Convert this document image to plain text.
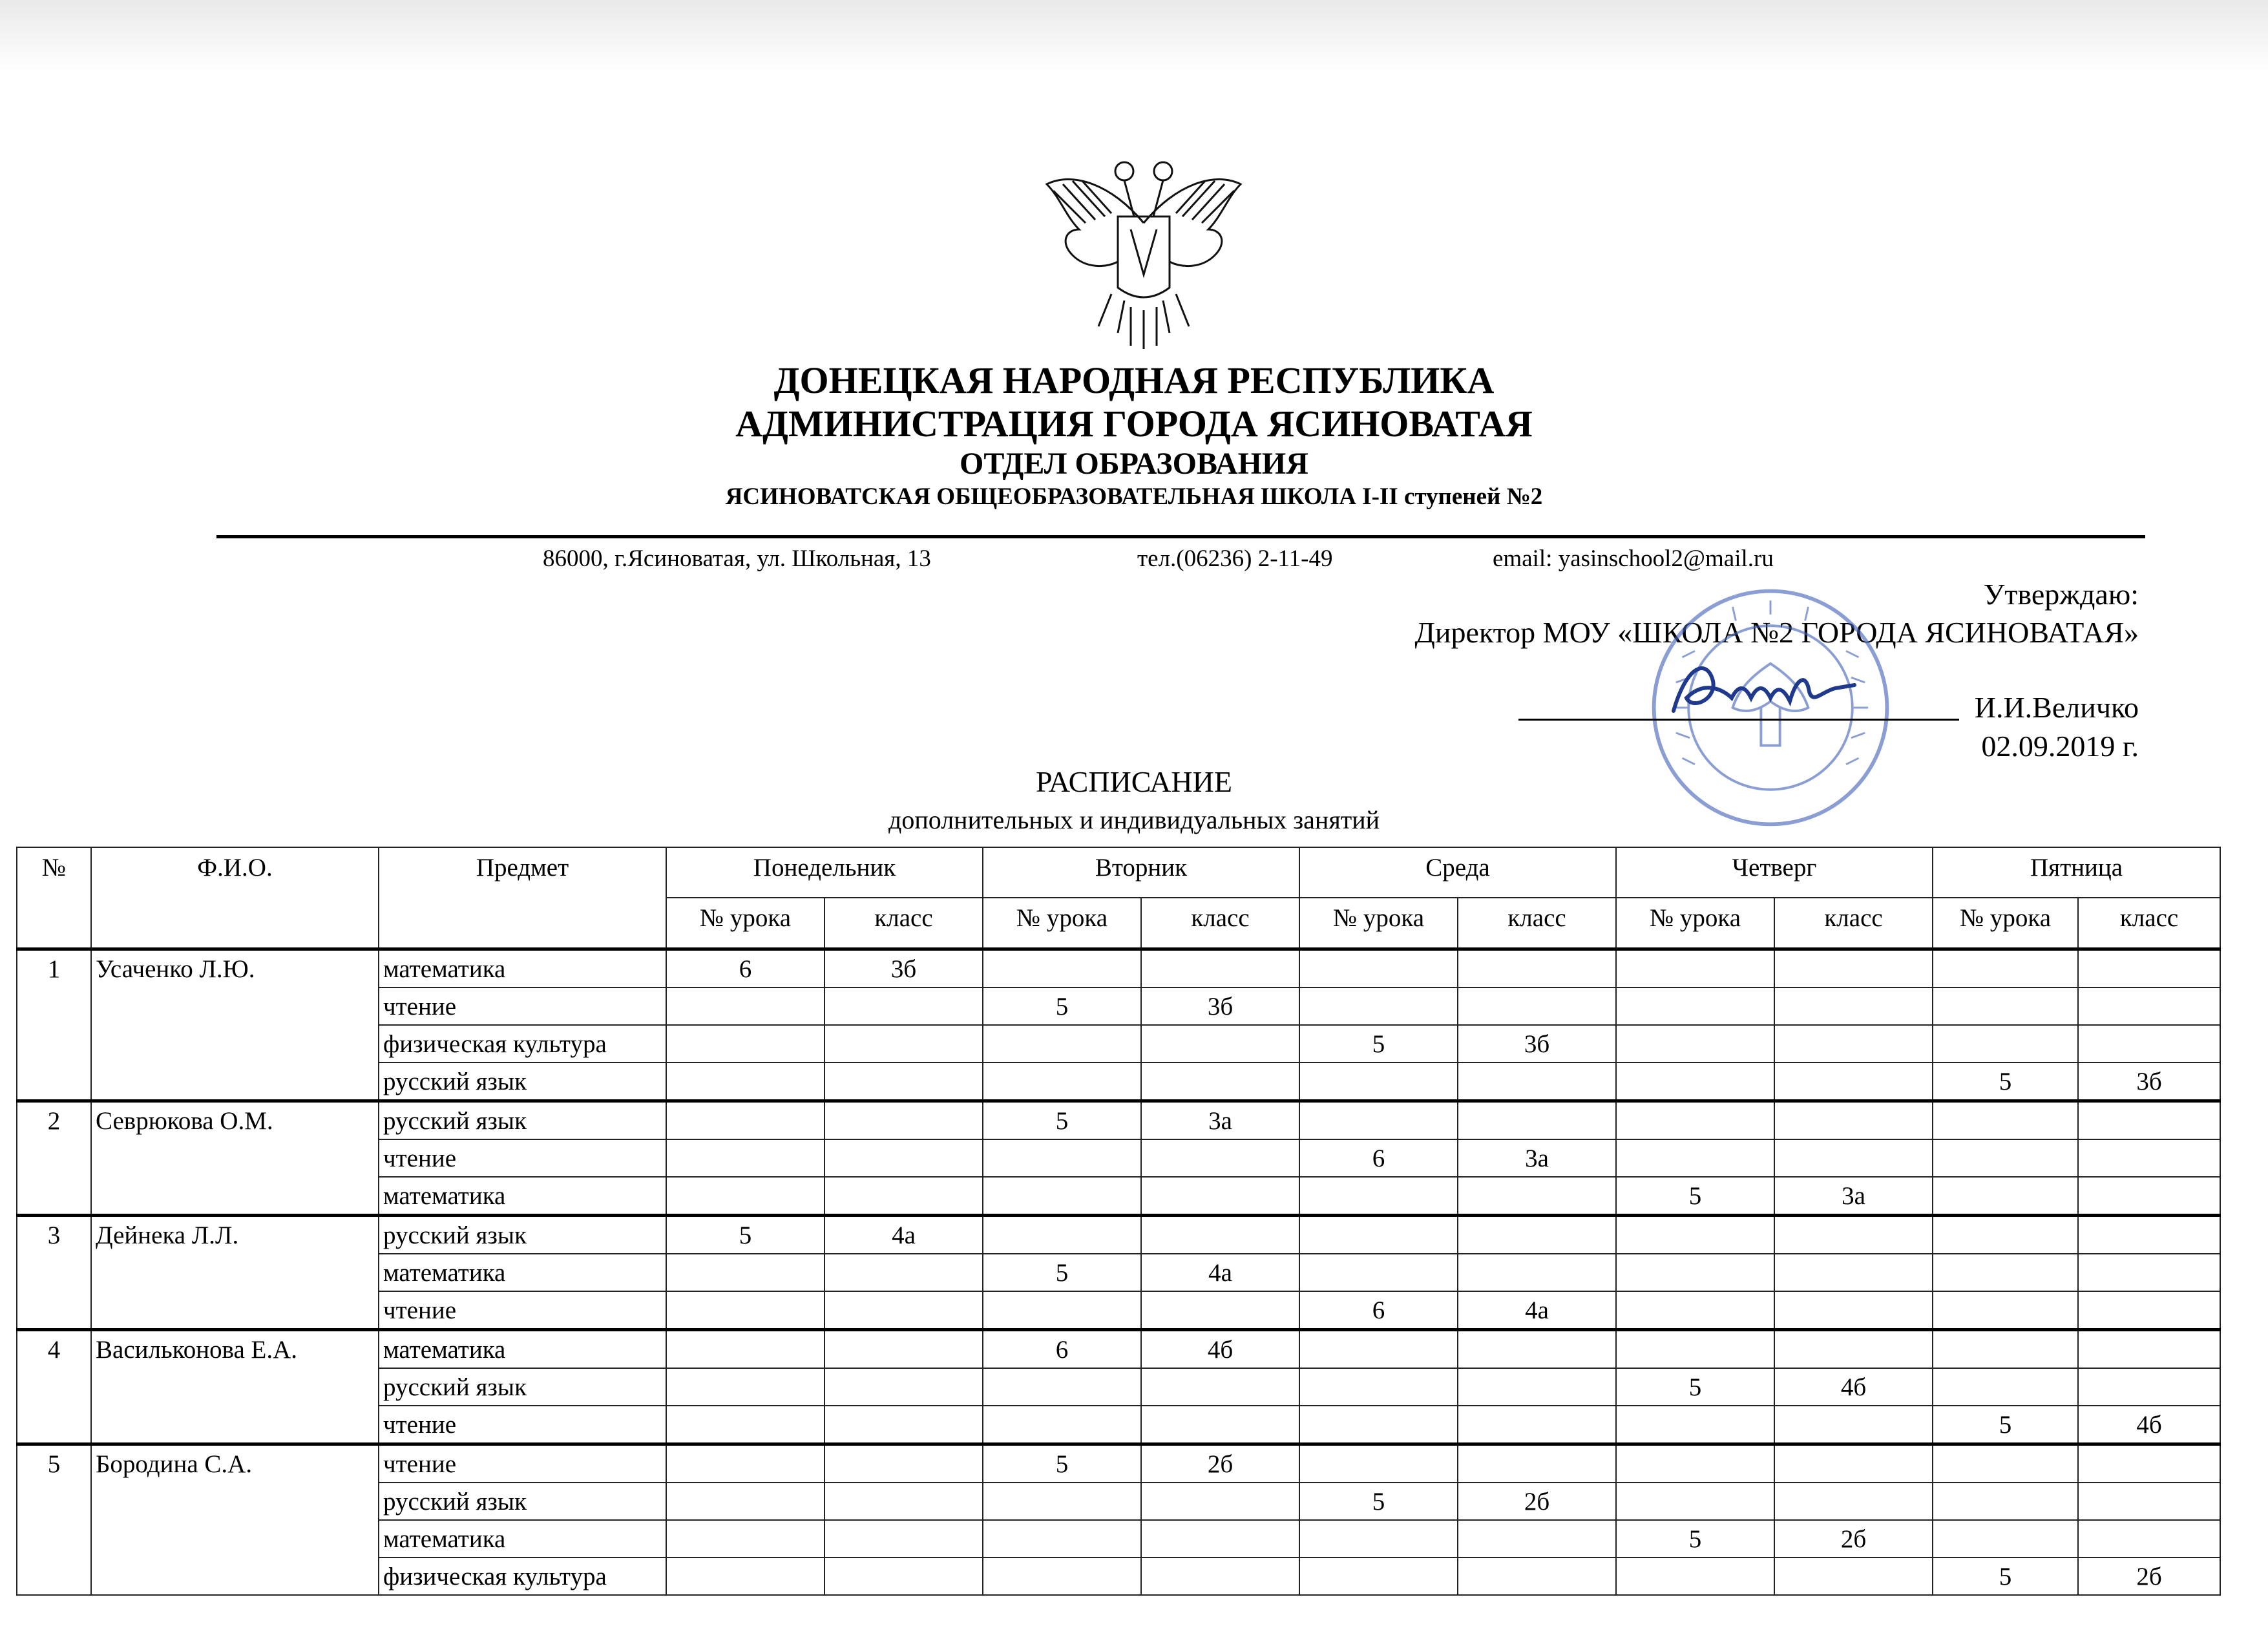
ДОНЕЦКАЯ НАРОДНАЯ РЕСПУБЛИКА
АДМИНИСТРАЦИЯ ГОРОДА ЯСИНОВАТАЯ
ОТДЕЛ ОБРАЗОВАНИЯ
ЯСИНОВАТСКАЯ ОБЩЕОБРАЗОВАТЕЛЬНАЯ ШКОЛА I-II ступеней №2
86000, г.Ясиноватая, ул. Школьная, 13	тел.(06236) 2-11-49	email: yasinschool2@mail.ru
Утверждаю:
Директор МОУ «ШКОЛА №2 ГОРОДА ЯСИНОВАТАЯ»
И.И.Величко
02.09.2019 г.
РАСПИСАНИЕ
дополнительных и индивидуальных занятий
№	Ф.И.О.	Предмет	Понедельник		Вторник		Среда		Четверг		Пятница	
			№ урока	класс	№ урока	класс	№ урока	класс	№ урока	класс	№ урока	класс
1	Усаченко Л.Ю.	математика	6	3б								
		чтение			5	3б						
		физическая культура					5	3б				
		русский язык									5	3б
2	Севрюкова О.М.	русский язык			5	3а						
		чтение					6	3а				
		математика							5	3а		
3	Дейнека Л.Л.	русский язык	5	4а								
		математика			5	4а						
		чтение					6	4а				
4	Васильконова Е.А.	математика			6	4б						
		русский язык							5	4б		
		чтение									5	4б
5	Бородина С.А.	чтение			5	2б						
		русский язык					5	2б				
		математика							5	2б		
		физическая культура									5	2б
